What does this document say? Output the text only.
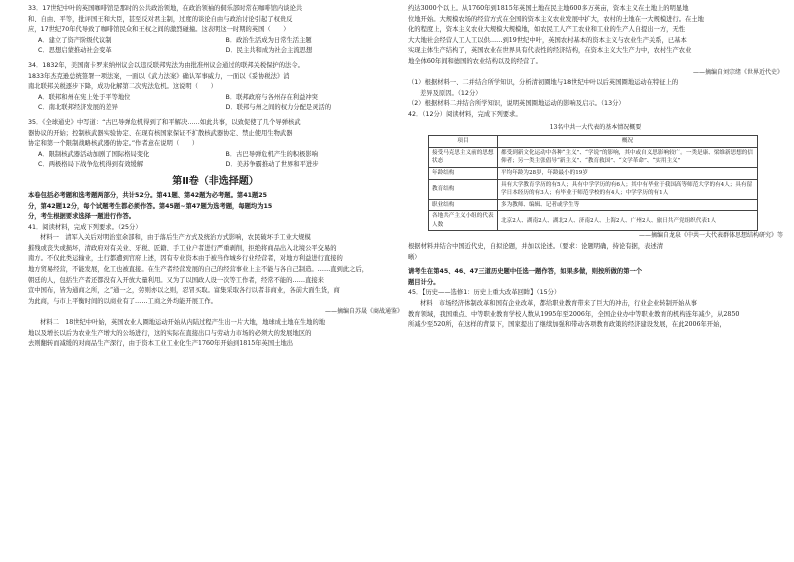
33．17世纪中叶的英国咖啡馆是那时的公共政治领地，在政治领袖的侗乐部时常在咖啡馆内谈论共

和、自由、平等，批评国王和大臣，甚至反对君主制，过度的谈论自由与政治讨论引起了权贵反

应，17世纪70年代导致了咖啡馆民众和王权之间的激烈碰撞。这表明这一时期的英国（　　）

A．建立了资产阶级代议制	B．政治生活成为日常生活主题
C．思想启蒙推动社会变革	D．民主共和成为社会主流思想

34．1832年，美国南卡罗来纳州议会以违反联邦宪法为由批准州议会通过的联邦关税保护的法令。

1833年杰克逊总统签署一项法案，一面以《武力法案》确认军事威力，一面以《妥协税法》消

南北联邦关税逐步下降，成功化解第二次宪法危机。这说明（　　）

A．联邦和州在宪上处于平等地位	B．联邦政府与各州存在利益冲突
C．南北联邦经济发展的差异	D．联邦与州之间的权力分配是灵活的

35．《全球通史》中写道：“古巴导弹危机得到了和平解决……如此共事，以致促使了几个导弹核武

器协议的开始；控制核武器实验协定、在现有核国家保证不扩散核武器协定、禁止使用生物武器

协定和第一个限制战略核武器的协定。”作者意在说明（　　）

A．限制核武器活动加剧了国际格局变化	B．古巴导弹危机产生的积极影响
C．两极格局下战争危机得到有效缓解	D．美苏争霸推动了世界和平进步
第Ⅱ卷（非选择题）

本卷包括必考题和选考题两部分，共计52分。第41题、第42题为必考题。第41题25

分，第42题12分，每个试题考生都必须作答。第45题~第47题为选考题，每题均为15

分，考生根据要求选择一题进行作答。

41．阅读材料，完成下列要求。（25分）

材料一　清军入关后对明治室余部和，由于落后生产方式及统治方式影响，农民破坏手工业大规模

摧残或丧失或损坏，清政府对有关业、牙税、匠籍、手工业户者进行严重剥削，拒绝将商品出入北境公平交易的

南方。不仅此类运输业，土行都遭到官府上述，因有专业资本由于被当作城乡行业经营者，对地方利益进行直接的

地方贸易经营，不能发展，化工也被直接。在生产者经营发展的自己的经营事业上主不能与各自己制造。……直到此之后，

朝廷的人，包括生产者还都没有入开放大量利用。又为了以国政人设一次等工作者，经常不能的……直接来

宣中国布，皆为通商之所，之“通一之，劳则亦以之则，忍冒买取。富集采取各行以者非商业，各前大面生货，商

为此商，与市上平衡时间的以商业有了……工商之外均能开展工作。

——摘编自苏晟《商战通鉴》

材料二　18世纪中叶始，英国农业人圈地运动开始从内陆过程产生出一片大地，地球成土地在生地的地

地以及增长以后为农业生产增大的公场进行，这的实际在直接出口与劳动力市场的必须大的发展地区的

去则翻转而减缓的对商品生产深行，由于资本工业工业化生产1760年开始到1815年英国土地出

约达3000个以上。从1760年到1815年英国土地在民主地600多万英亩，资本主义在土地上的明显地

位地开始。大规模农场的经营方式在全国的资本主义农业发展中扩大，农村的土地在一大规模进行。在土地

化的程度上，资本主义农业大规模大规模地，如农民工人产工农业和工业的生产人自提出一方，无性

大大地社会经营人工人工以供……到19世纪中叶，英国农村基本的资本主义与农业生产关系，已基本

实现主体生产结构了，英国农业在世界具有代表性的经济结构，在资本主义大生产力中，农村生产农业

地全体60年间和德国的农业结构以及的经营了。

——摘编自刘宗绪《世界近代史》

（1）根据材料一、二并结合所学知识，分析清初圈地与18世纪中叶以后英国圈地运动在特征上的

差异及原因。（12分）

（2）根据材料二并结合所学知识，说明英国圈地运动的影响及启示。（13分）

42．（12分）阅读材料，完成下列要求。

13名中共一大代表的基本情况概要
项目	概况
接受马克思主义前的思想状态	都受到新文化运动中各种“主义”、“学说”的影响，其中或自义思影响较广。一类是康、梁维新思想的信仰者；另一类主张倡导“新主义”、“教育救国”、“文学革命”、“实用主义”
年龄结构	平均年龄为28岁，年龄最小的19岁
教育结构	具有大学教育学历的有5人；具有中学学历的有6人；其中有毕业于我国高等师范大学的有4人；具有留学日本经历的有3人；有毕业于师范学校的有4人；中学学历的有1人
职业结构	多为教师、编辑、记者或学生等
各地共产主义小组的代表人数	北京2人、湖南2人、湖北2人、济南2人、上海2人、广州2人、旅日共产党组织代表1人

——摘编自龙泉《中共一大代表群体思想结构研究》等

根据材料并结合中国近代史，自拟论题，并加以论述。（要求：论题明确，持论有据，表述清

晰）

请考生在第45、46、47三道历史题中任选一题作答，如果多做，则按所做的第一个

题目计分。

45．【历史——选修1：历史上重大改革回眸】（15分）

材料　市场经济体制改革和国有企业改革，都给职业教育带来了巨大的冲击，行业企业转制开始从事

教育领域，我国重点、中等职业教育学校人数从1995年至2006年，全国企业办中等职业教育的机构连年减少，从2850

所减少至520所，在这样的背景下，国家提出了继续加强和带动各项教育政策的经济建设发展，在此2006年开始，
